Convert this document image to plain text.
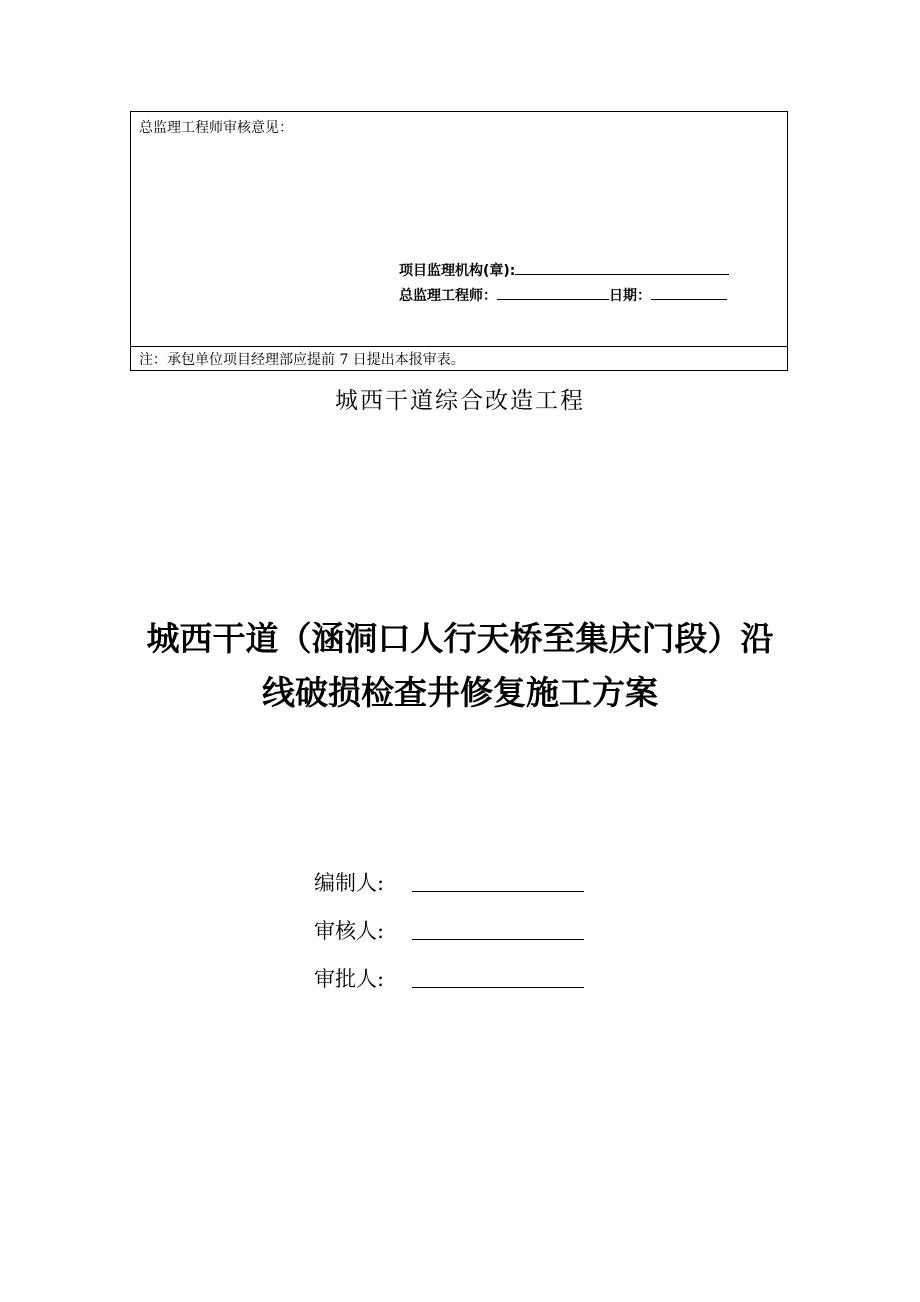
总监理工程师审核意见：
项目监理机构(章):
总监理工程师：	日期：
注：承包单位项目经理部应提前 7 日提出本报审表。
城西干道综合改造工程
城西干道（涵洞口人行天桥至集庆门段）沿
线破损检查井修复施工方案
编制人:
审核人:
审批人:
